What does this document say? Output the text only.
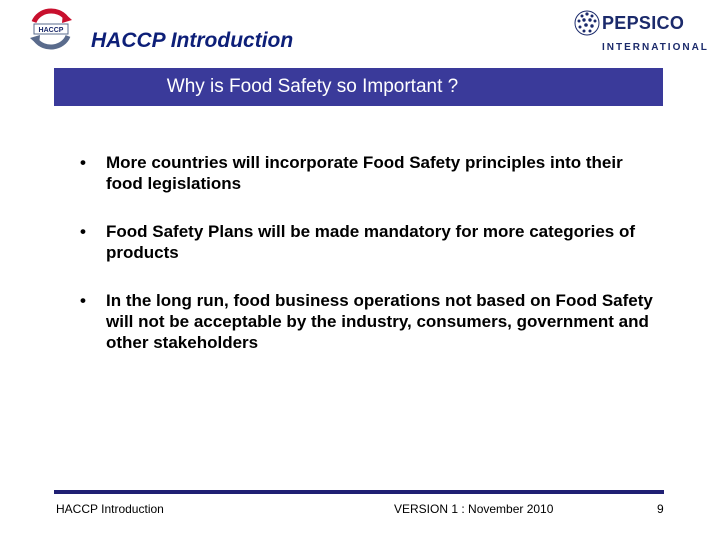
HACCP HACCP Introduction
PEPSICO
INTERNATIONAL
Why is Food Safety so Important ?
•	More countries will incorporate Food Safety principles into their food legislations
•	Food Safety Plans will be made mandatory for more categories of products
•	In the long run, food business operations not based on Food Safety will not be acceptable by the industry, consumers, government and other stakeholders
HACCP Introduction	VERSION 1 : November 2010	9
